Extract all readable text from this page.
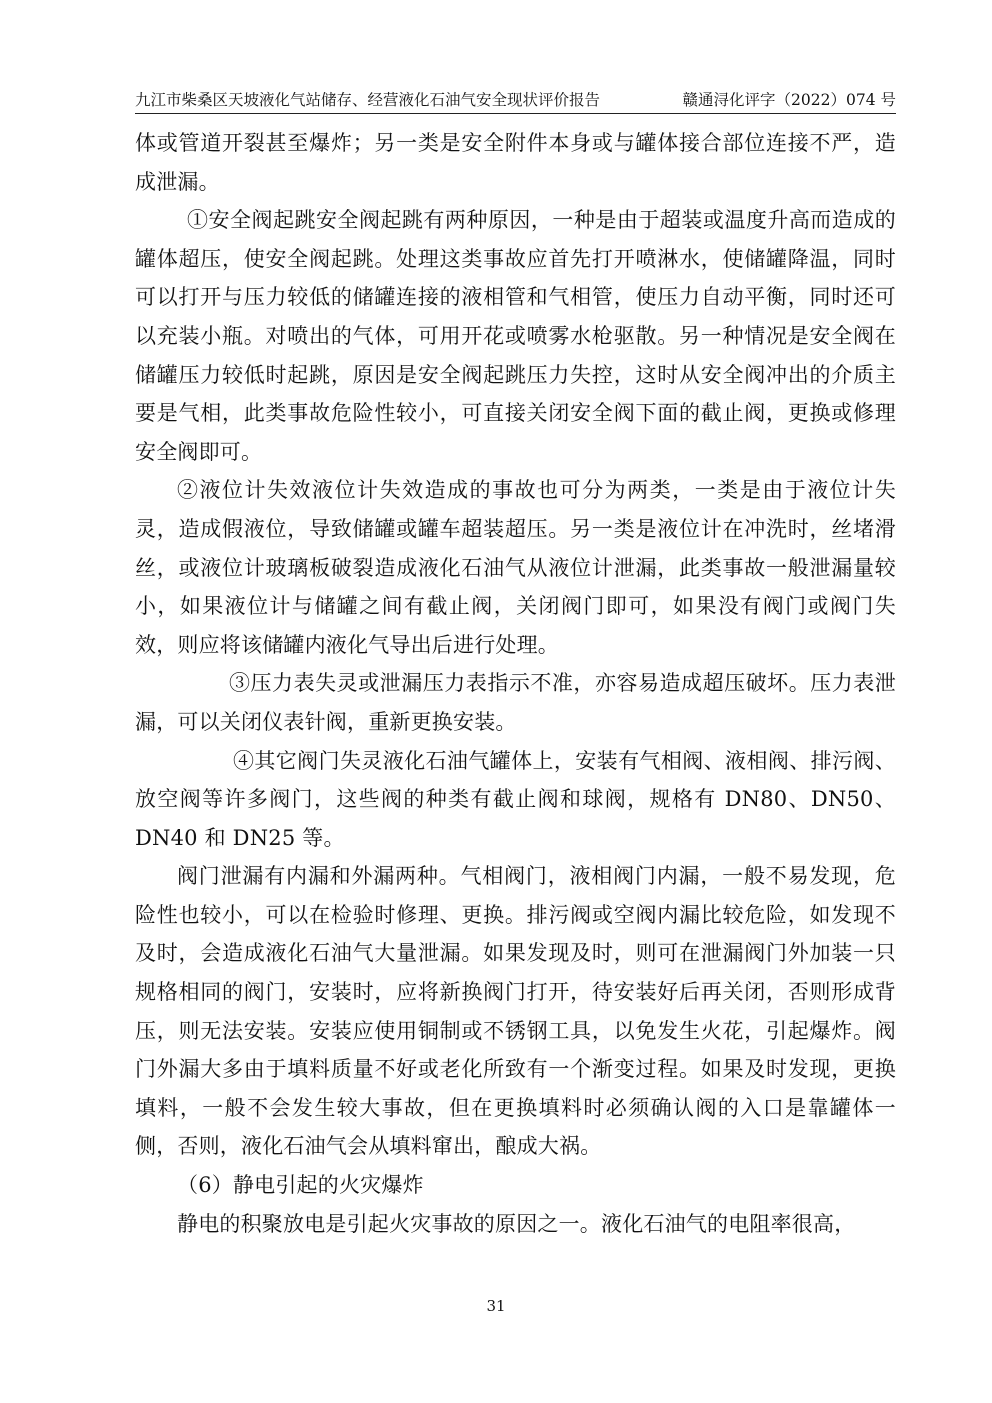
九江市柴桑区天坡液化气站储存、经营液化石油气安全现状评价报告	赣通浔化评字（2022）074 号

体或管道开裂甚至爆炸；另一类是安全附件本身或与罐体接合部位连接不严，造成泄漏。

①安全阀起跳安全阀起跳有两种原因，一种是由于超装或温度升高而造成的罐体超压，使安全阀起跳。处理这类事故应首先打开喷淋水，使储罐降温，同时可以打开与压力较低的储罐连接的液相管和气相管，使压力自动平衡，同时还可以充装小瓶。对喷出的气体，可用开花或喷雾水枪驱散。另一种情况是安全阀在储罐压力较低时起跳，原因是安全阀起跳压力失控，这时从安全阀冲出的介质主要是气相，此类事故危险性较小，可直接关闭安全阀下面的截止阀，更换或修理安全阀即可。

②液位计失效液位计失效造成的事故也可分为两类，一类是由于液位计失灵，造成假液位，导致储罐或罐车超装超压。另一类是液位计在冲洗时，丝堵滑丝，或液位计玻璃板破裂造成液化石油气从液位计泄漏，此类事故一般泄漏量较小，如果液位计与储罐之间有截止阀，关闭阀门即可，如果没有阀门或阀门失效，则应将该储罐内液化气导出后进行处理。

③压力表失灵或泄漏压力表指示不准，亦容易造成超压破坏。压力表泄漏，可以关闭仪表针阀，重新更换安装。

④其它阀门失灵液化石油气罐体上，安装有气相阀、液相阀、排污阀、放空阀等许多阀门，这些阀的种类有截止阀和球阀，规格有 DN80、DN50、DN40 和 DN25 等。

阀门泄漏有内漏和外漏两种。气相阀门，液相阀门内漏，一般不易发现，危险性也较小，可以在检验时修理、更换。排污阀或空阀内漏比较危险，如发现不及时，会造成液化石油气大量泄漏。如果发现及时，则可在泄漏阀门外加装一只规格相同的阀门，安装时，应将新换阀门打开，待安装好后再关闭，否则形成背压，则无法安装。安装应使用铜制或不锈钢工具，以免发生火花，引起爆炸。阀门外漏大多由于填料质量不好或老化所致有一个渐变过程。如果及时发现，更换填料，一般不会发生较大事故，但在更换填料时必须确认阀的入口是靠罐体一侧，否则，液化石油气会从填料窜出，酿成大祸。

（6）静电引起的火灾爆炸

静电的积聚放电是引起火灾事故的原因之一。液化石油气的电阻率很高，

31
